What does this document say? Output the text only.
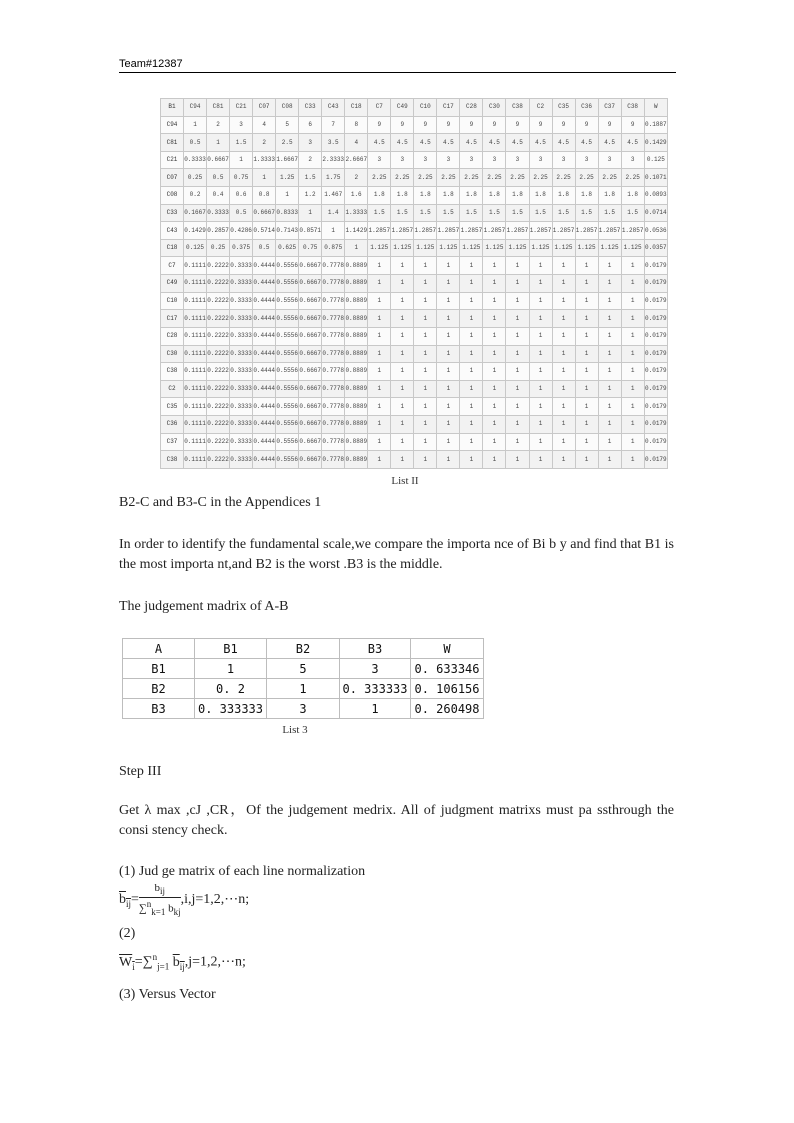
Team#12387
B1	C94	C81	C21	C07	C08	C33	C43	C18	C7	C49	C10	C17	C28	C30	C38	C2	C35	C36	C37	C38	W
C94	1	2	3	4	5	6	7	8	9	9	9	9	9	9	9	9	9	9	9	9	0.1887
C81	0.5	1	1.5	2	2.5	3	3.5	4	4.5	4.5	4.5	4.5	4.5	4.5	4.5	4.5	4.5	4.5	4.5	4.5	0.1429
C21	0.3333	0.6667	1	1.3333	1.6667	2	2.3333	2.6667	3	3	3	3	3	3	3	3	3	3	3	3	0.125
C07	0.25	0.5	0.75	1	1.25	1.5	1.75	2	2.25	2.25	2.25	2.25	2.25	2.25	2.25	2.25	2.25	2.25	2.25	2.25	0.1071
C08	0.2	0.4	0.6	0.8	1	1.2	1.467	1.6	1.8	1.8	1.8	1.8	1.8	1.8	1.8	1.8	1.8	1.8	1.8	1.8	0.0893
C33	0.1667	0.3333	0.5	0.6667	0.8333	1	1.4	1.3333	1.5	1.5	1.5	1.5	1.5	1.5	1.5	1.5	1.5	1.5	1.5	1.5	0.0714
C43	0.1429	0.2857	0.4286	0.5714	0.7143	0.8571	1	1.1429	1.2857	1.2857	1.2857	1.2857	1.2857	1.2857	1.2857	1.2857	1.2857	1.2857	1.2857	1.2857	0.0536
C18	0.125	0.25	0.375	0.5	0.625	0.75	0.875	1	1.125	1.125	1.125	1.125	1.125	1.125	1.125	1.125	1.125	1.125	1.125	1.125	0.0357
C7	0.1111	0.2222	0.3333	0.4444	0.5556	0.6667	0.7778	0.8889	1	1	1	1	1	1	1	1	1	1	1	1	0.0179
C49	0.1111	0.2222	0.3333	0.4444	0.5556	0.6667	0.7778	0.8889	1	1	1	1	1	1	1	1	1	1	1	1	0.0179
C10	0.1111	0.2222	0.3333	0.4444	0.5556	0.6667	0.7778	0.8889	1	1	1	1	1	1	1	1	1	1	1	1	0.0179
C17	0.1111	0.2222	0.3333	0.4444	0.5556	0.6667	0.7778	0.8889	1	1	1	1	1	1	1	1	1	1	1	1	0.0179
C28	0.1111	0.2222	0.3333	0.4444	0.5556	0.6667	0.7778	0.8889	1	1	1	1	1	1	1	1	1	1	1	1	0.0179
C30	0.1111	0.2222	0.3333	0.4444	0.5556	0.6667	0.7778	0.8889	1	1	1	1	1	1	1	1	1	1	1	1	0.0179
C38	0.1111	0.2222	0.3333	0.4444	0.5556	0.6667	0.7778	0.8889	1	1	1	1	1	1	1	1	1	1	1	1	0.0179
C2	0.1111	0.2222	0.3333	0.4444	0.5556	0.6667	0.7778	0.8889	1	1	1	1	1	1	1	1	1	1	1	1	0.0179
C35	0.1111	0.2222	0.3333	0.4444	0.5556	0.6667	0.7778	0.8889	1	1	1	1	1	1	1	1	1	1	1	1	0.0179
C36	0.1111	0.2222	0.3333	0.4444	0.5556	0.6667	0.7778	0.8889	1	1	1	1	1	1	1	1	1	1	1	1	0.0179
C37	0.1111	0.2222	0.3333	0.4444	0.5556	0.6667	0.7778	0.8889	1	1	1	1	1	1	1	1	1	1	1	1	0.0179
C38	0.1111	0.2222	0.3333	0.4444	0.5556	0.6667	0.7778	0.8889	1	1	1	1	1	1	1	1	1	1	1	1	0.0179
List II
B2-C and B3-C in the Appendices 1
In order to identify the fundamental scale,we compare the importa nce of Bi b y and find that B1 is the most importa nt,and B2 is the worst .B3 is the middle.
The judgement madrix of A-B
A	B1	B2	B3	W
B1	1	5	3	0. 633346
B2	0. 2	1	0. 333333	0. 106156
B3	0. 333333	3	1	0. 260498
List 3
Step III
Get λ max ,cJ ,CR，Of the judgement medrix. All of judgment matrixs must pa ssthrough the consi stency check.
(1) Jud ge matrix of each line normalization
$b_{ij}= \frac{b_{ij}}{\sum^n_{k=1} b_{kj}}$ ,i,j=1,2,⋯n;
(2)
$W_i=\sum^n_{j=1}$ $b_{ij},j=1,2,\cdots n$;
(3) Versus Vector
